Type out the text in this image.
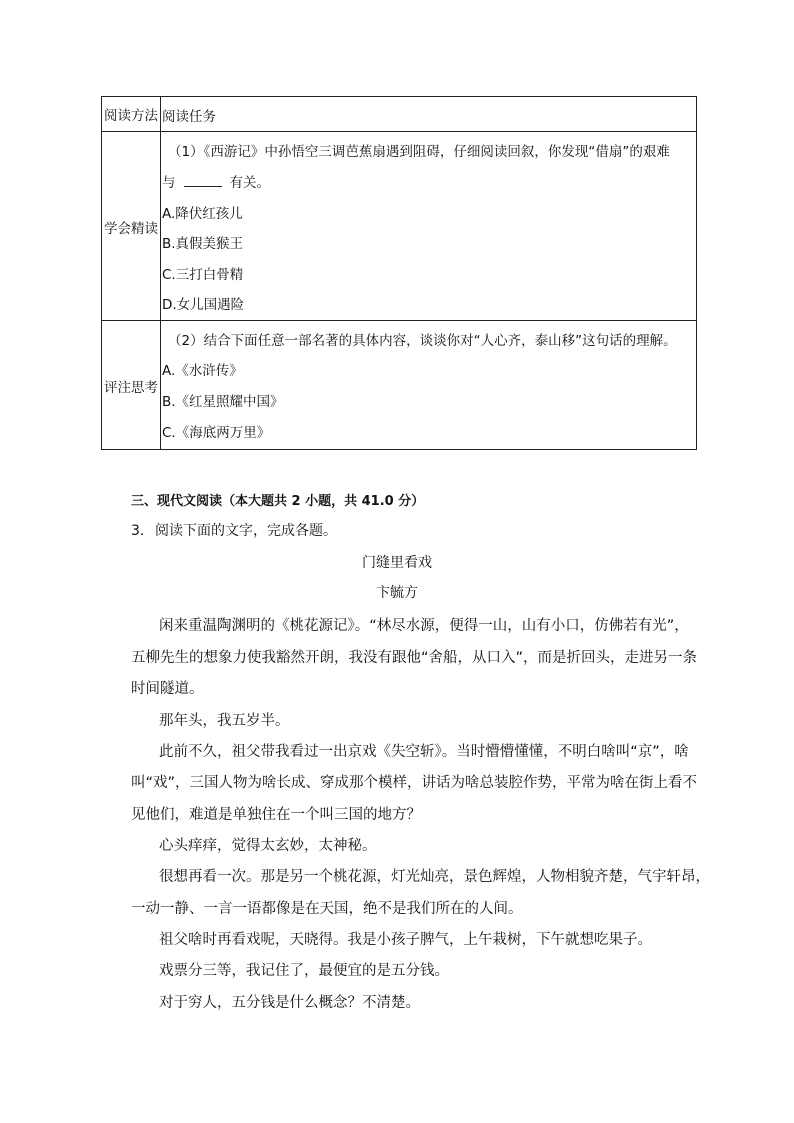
阅读方法 阅读任务
学会精读
（1）《西游记》中孙悟空三调芭蕉扇遇到阻碍，仔细阅读回叙，你发现“借扇”的艰难
与	有关。
A.降伏红孩儿
B.真假美猴王
C.三打白骨精
D.女儿国遇险
评注思考
（2）结合下面任意一部名著的具体内容，谈谈你对“人心齐，泰山移”这句话的理解。
A.《水浒传》
B.《红星照耀中国》
C.《海底两万里》
三、现代文阅读（本大题共 2 小题，共 41.0 分）
3. 阅读下面的文字，完成各题。
门缝里看戏
卞毓方
闲来重温陶渊明的《桃花源记》。“林尽水源，便得一山，山有小口，仿佛若有光”，
五柳先生的想象力使我豁然开朗，我没有跟他“舍船，从口入”，而是折回头，走进另一条
时间隧道。
那年头，我五岁半。
此前不久，祖父带我看过一出京戏《失空斩》。当时懵懵懂懂，不明白啥叫“京”，啥
叫“戏”，三国人物为啥长成、穿成那个模样，讲话为啥总装腔作势，平常为啥在街上看不
见他们，难道是单独住在一个叫三国的地方？
心头痒痒，觉得太玄妙，太神秘。
很想再看一次。那是另一个桃花源，灯光灿亮，景色辉煌，人物相貌齐楚，气宇轩昂，
一动一静、一言一语都像是在天国，绝不是我们所在的人间。
祖父啥时再看戏呢，天晓得。我是小孩子脾气，上午栽树，下午就想吃果子。
戏票分三等，我记住了，最便宜的是五分钱。
对于穷人，五分钱是什么概念？不清楚。
